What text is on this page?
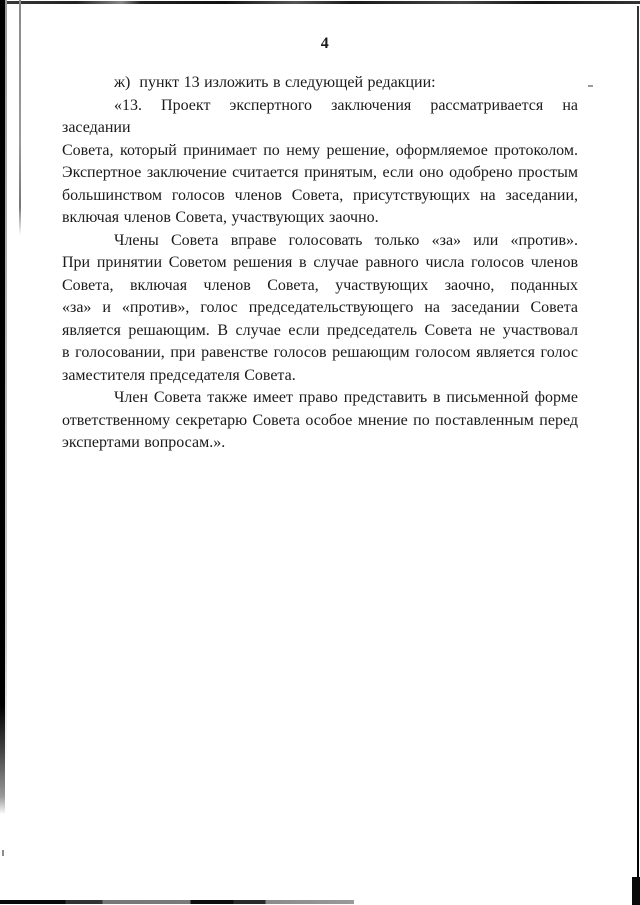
4
ж)  пункт 13 изложить в следующей редакции:
«13. Проект экспертного заключения рассматривается на заседании
Совета, который принимает по нему решение, оформляемое протоколом.
Экспертное заключение считается принятым, если оно одобрено простым
большинством голосов членов Совета, присутствующих на заседании,
включая членов Совета, участвующих заочно.
Члены Совета вправе голосовать только «за» или «против».
При принятии Советом решения в случае равного числа голосов членов
Совета, включая членов Совета, участвующих заочно, поданных
«за» и «против», голос председательствующего на заседании Совета
является решающим. В случае если председатель Совета не участвовал
в голосовании, при равенстве голосов решающим голосом является голос
заместителя председателя Совета.
Член Совета также имеет право представить в письменной форме
ответственному секретарю Совета особое мнение по поставленным перед
экспертами вопросам.».
